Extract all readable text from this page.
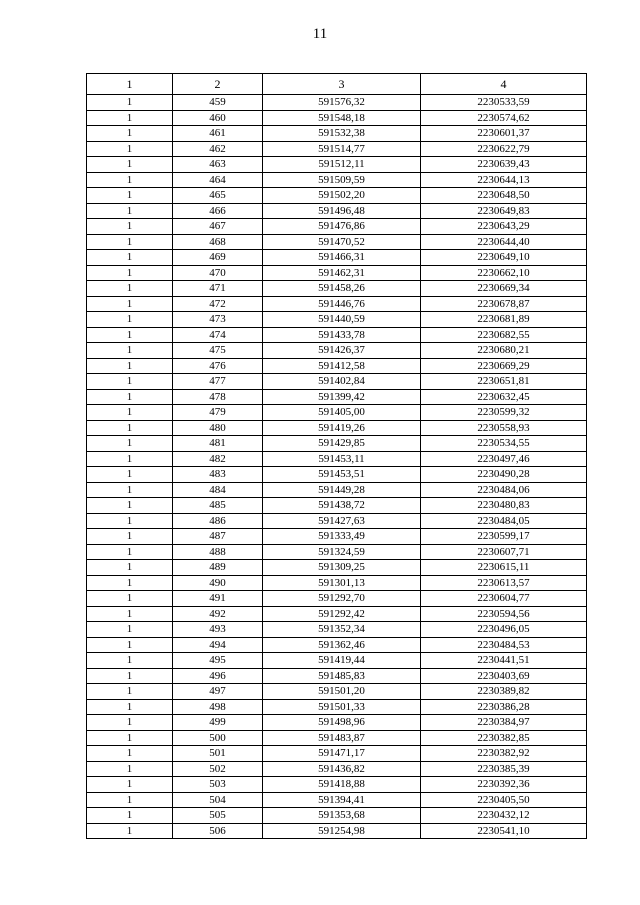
11
1	2	3	4
1	459	591576,32	2230533,59
1	460	591548,18	2230574,62
1	461	591532,38	2230601,37
1	462	591514,77	2230622,79
1	463	591512,11	2230639,43
1	464	591509,59	2230644,13
1	465	591502,20	2230648,50
1	466	591496,48	2230649,83
1	467	591476,86	2230643,29
1	468	591470,52	2230644,40
1	469	591466,31	2230649,10
1	470	591462,31	2230662,10
1	471	591458,26	2230669,34
1	472	591446,76	2230678,87
1	473	591440,59	2230681,89
1	474	591433,78	2230682,55
1	475	591426,37	2230680,21
1	476	591412,58	2230669,29
1	477	591402,84	2230651,81
1	478	591399,42	2230632,45
1	479	591405,00	2230599,32
1	480	591419,26	2230558,93
1	481	591429,85	2230534,55
1	482	591453,11	2230497,46
1	483	591453,51	2230490,28
1	484	591449,28	2230484,06
1	485	591438,72	2230480,83
1	486	591427,63	2230484,05
1	487	591333,49	2230599,17
1	488	591324,59	2230607,71
1	489	591309,25	2230615,11
1	490	591301,13	2230613,57
1	491	591292,70	2230604,77
1	492	591292,42	2230594,56
1	493	591352,34	2230496,05
1	494	591362,46	2230484,53
1	495	591419,44	2230441,51
1	496	591485,83	2230403,69
1	497	591501,20	2230389,82
1	498	591501,33	2230386,28
1	499	591498,96	2230384,97
1	500	591483,87	2230382,85
1	501	591471,17	2230382,92
1	502	591436,82	2230385,39
1	503	591418,88	2230392,36
1	504	591394,41	2230405,50
1	505	591353,68	2230432,12
1	506	591254,98	2230541,10
